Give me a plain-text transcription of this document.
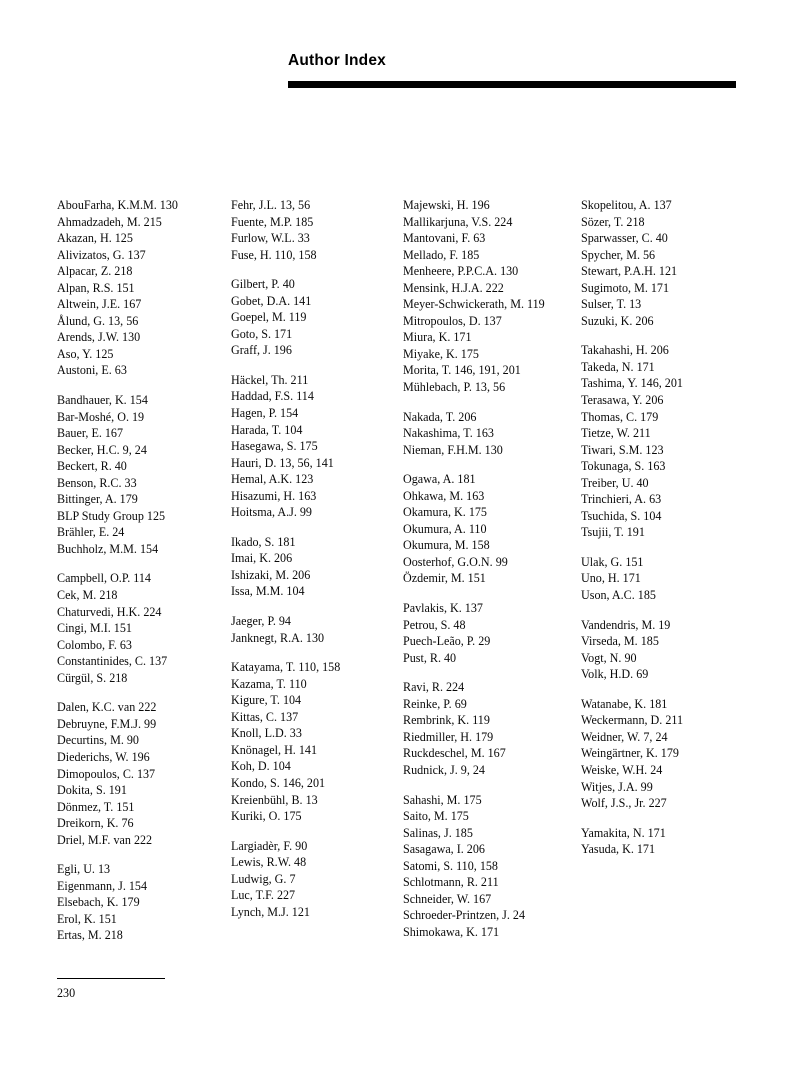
Author Index
AbouFarha, K.M.M. 130
Ahmadzadeh, M. 215
Akazan, H. 125
Alivizatos, G. 137
Alpacar, Z. 218
Alpan, R.S. 151
Altwein, J.E. 167
Ålund, G. 13, 56
Arends, J.W. 130
Aso, Y. 125
Austoni, E. 63
Bandhauer, K. 154
Bar-Moshé, O. 19
Bauer, E. 167
Becker, H.C. 9, 24
Beckert, R. 40
Benson, R.C. 33
Bittinger, A. 179
BLP Study Group 125
Brähler, E. 24
Buchholz, M.M. 154
Campbell, O.P. 114
Cek, M. 218
Chaturvedi, H.K. 224
Cingi, M.I. 151
Colombo, F. 63
Constantinides, C. 137
Cürgül, S. 218
Dalen, K.C. van 222
Debruyne, F.M.J. 99
Decurtins, M. 90
Diederichs, W. 196
Dimopoulos, C. 137
Dokita, S. 191
Dönmez, T. 151
Dreikorn, K. 76
Driel, M.F. van 222
Egli, U. 13
Eigenmann, J. 154
Elsebach, K. 179
Erol, K. 151
Ertas, M. 218
Fehr, J.L. 13, 56
Fuente, M.P. 185
Furlow, W.L. 33
Fuse, H. 110, 158
Gilbert, P. 40
Gobet, D.A. 141
Goepel, M. 119
Goto, S. 171
Graff, J. 196
Häckel, Th. 211
Haddad, F.S. 114
Hagen, P. 154
Harada, T. 104
Hasegawa, S. 175
Hauri, D. 13, 56, 141
Hemal, A.K. 123
Hisazumi, H. 163
Hoitsma, A.J. 99
Ikado, S. 181
Imai, K. 206
Ishizaki, M. 206
Issa, M.M. 104
Jaeger, P. 94
Janknegt, R.A. 130
Katayama, T. 110, 158
Kazama, T. 110
Kigure, T. 104
Kittas, C. 137
Knoll, L.D. 33
Knönagel, H. 141
Koh, D. 104
Kondo, S. 146, 201
Kreienbühl, B. 13
Kuriki, O. 175
Largiadèr, F. 90
Lewis, R.W. 48
Ludwig, G. 7
Luc, T.F. 227
Lynch, M.J. 121
Majewski, H. 196
Mallikarjuna, V.S. 224
Mantovani, F. 63
Mellado, F. 185
Menheere, P.P.C.A. 130
Mensink, H.J.A. 222
Meyer-Schwickerath, M. 119
Mitropoulos, D. 137
Miura, K. 171
Miyake, K. 175
Morita, T. 146, 191, 201
Mühlebach, P. 13, 56
Nakada, T. 206
Nakashima, T. 163
Nieman, F.H.M. 130
Ogawa, A. 181
Ohkawa, M. 163
Okamura, K. 175
Okumura, A. 110
Okumura, M. 158
Oosterhof, G.O.N. 99
Özdemir, M. 151
Pavlakis, K. 137
Petrou, S. 48
Puech-Leão, P. 29
Pust, R. 40
Ravi, R. 224
Reinke, P. 69
Rembrink, K. 119
Riedmiller, H. 179
Ruckdeschel, M. 167
Rudnick, J. 9, 24
Sahashi, M. 175
Saito, M. 175
Salinas, J. 185
Sasagawa, I. 206
Satomi, S. 110, 158
Schlotmann, R. 211
Schneider, W. 167
Schroeder-Printzen, J. 24
Shimokawa, K. 171
Skopelitou, A. 137
Sözer, T. 218
Sparwasser, C. 40
Spycher, M. 56
Stewart, P.A.H. 121
Sugimoto, M. 171
Sulser, T. 13
Suzuki, K. 206
Takahashi, H. 206
Takeda, N. 171
Tashima, Y. 146, 201
Terasawa, Y. 206
Thomas, C. 179
Tietze, W. 211
Tiwari, S.M. 123
Tokunaga, S. 163
Treiber, U. 40
Trinchieri, A. 63
Tsuchida, S. 104
Tsujii, T. 191
Ulak, G. 151
Uno, H. 171
Uson, A.C. 185
Vandendris, M. 19
Virseda, M. 185
Vogt, N. 90
Volk, H.D. 69
Watanabe, K. 181
Weckermann, D. 211
Weidner, W. 7, 24
Weingärtner, K. 179
Weiske, W.H. 24
Witjes, J.A. 99
Wolf, J.S., Jr. 227
Yamakita, N. 171
Yasuda, K. 171
230
